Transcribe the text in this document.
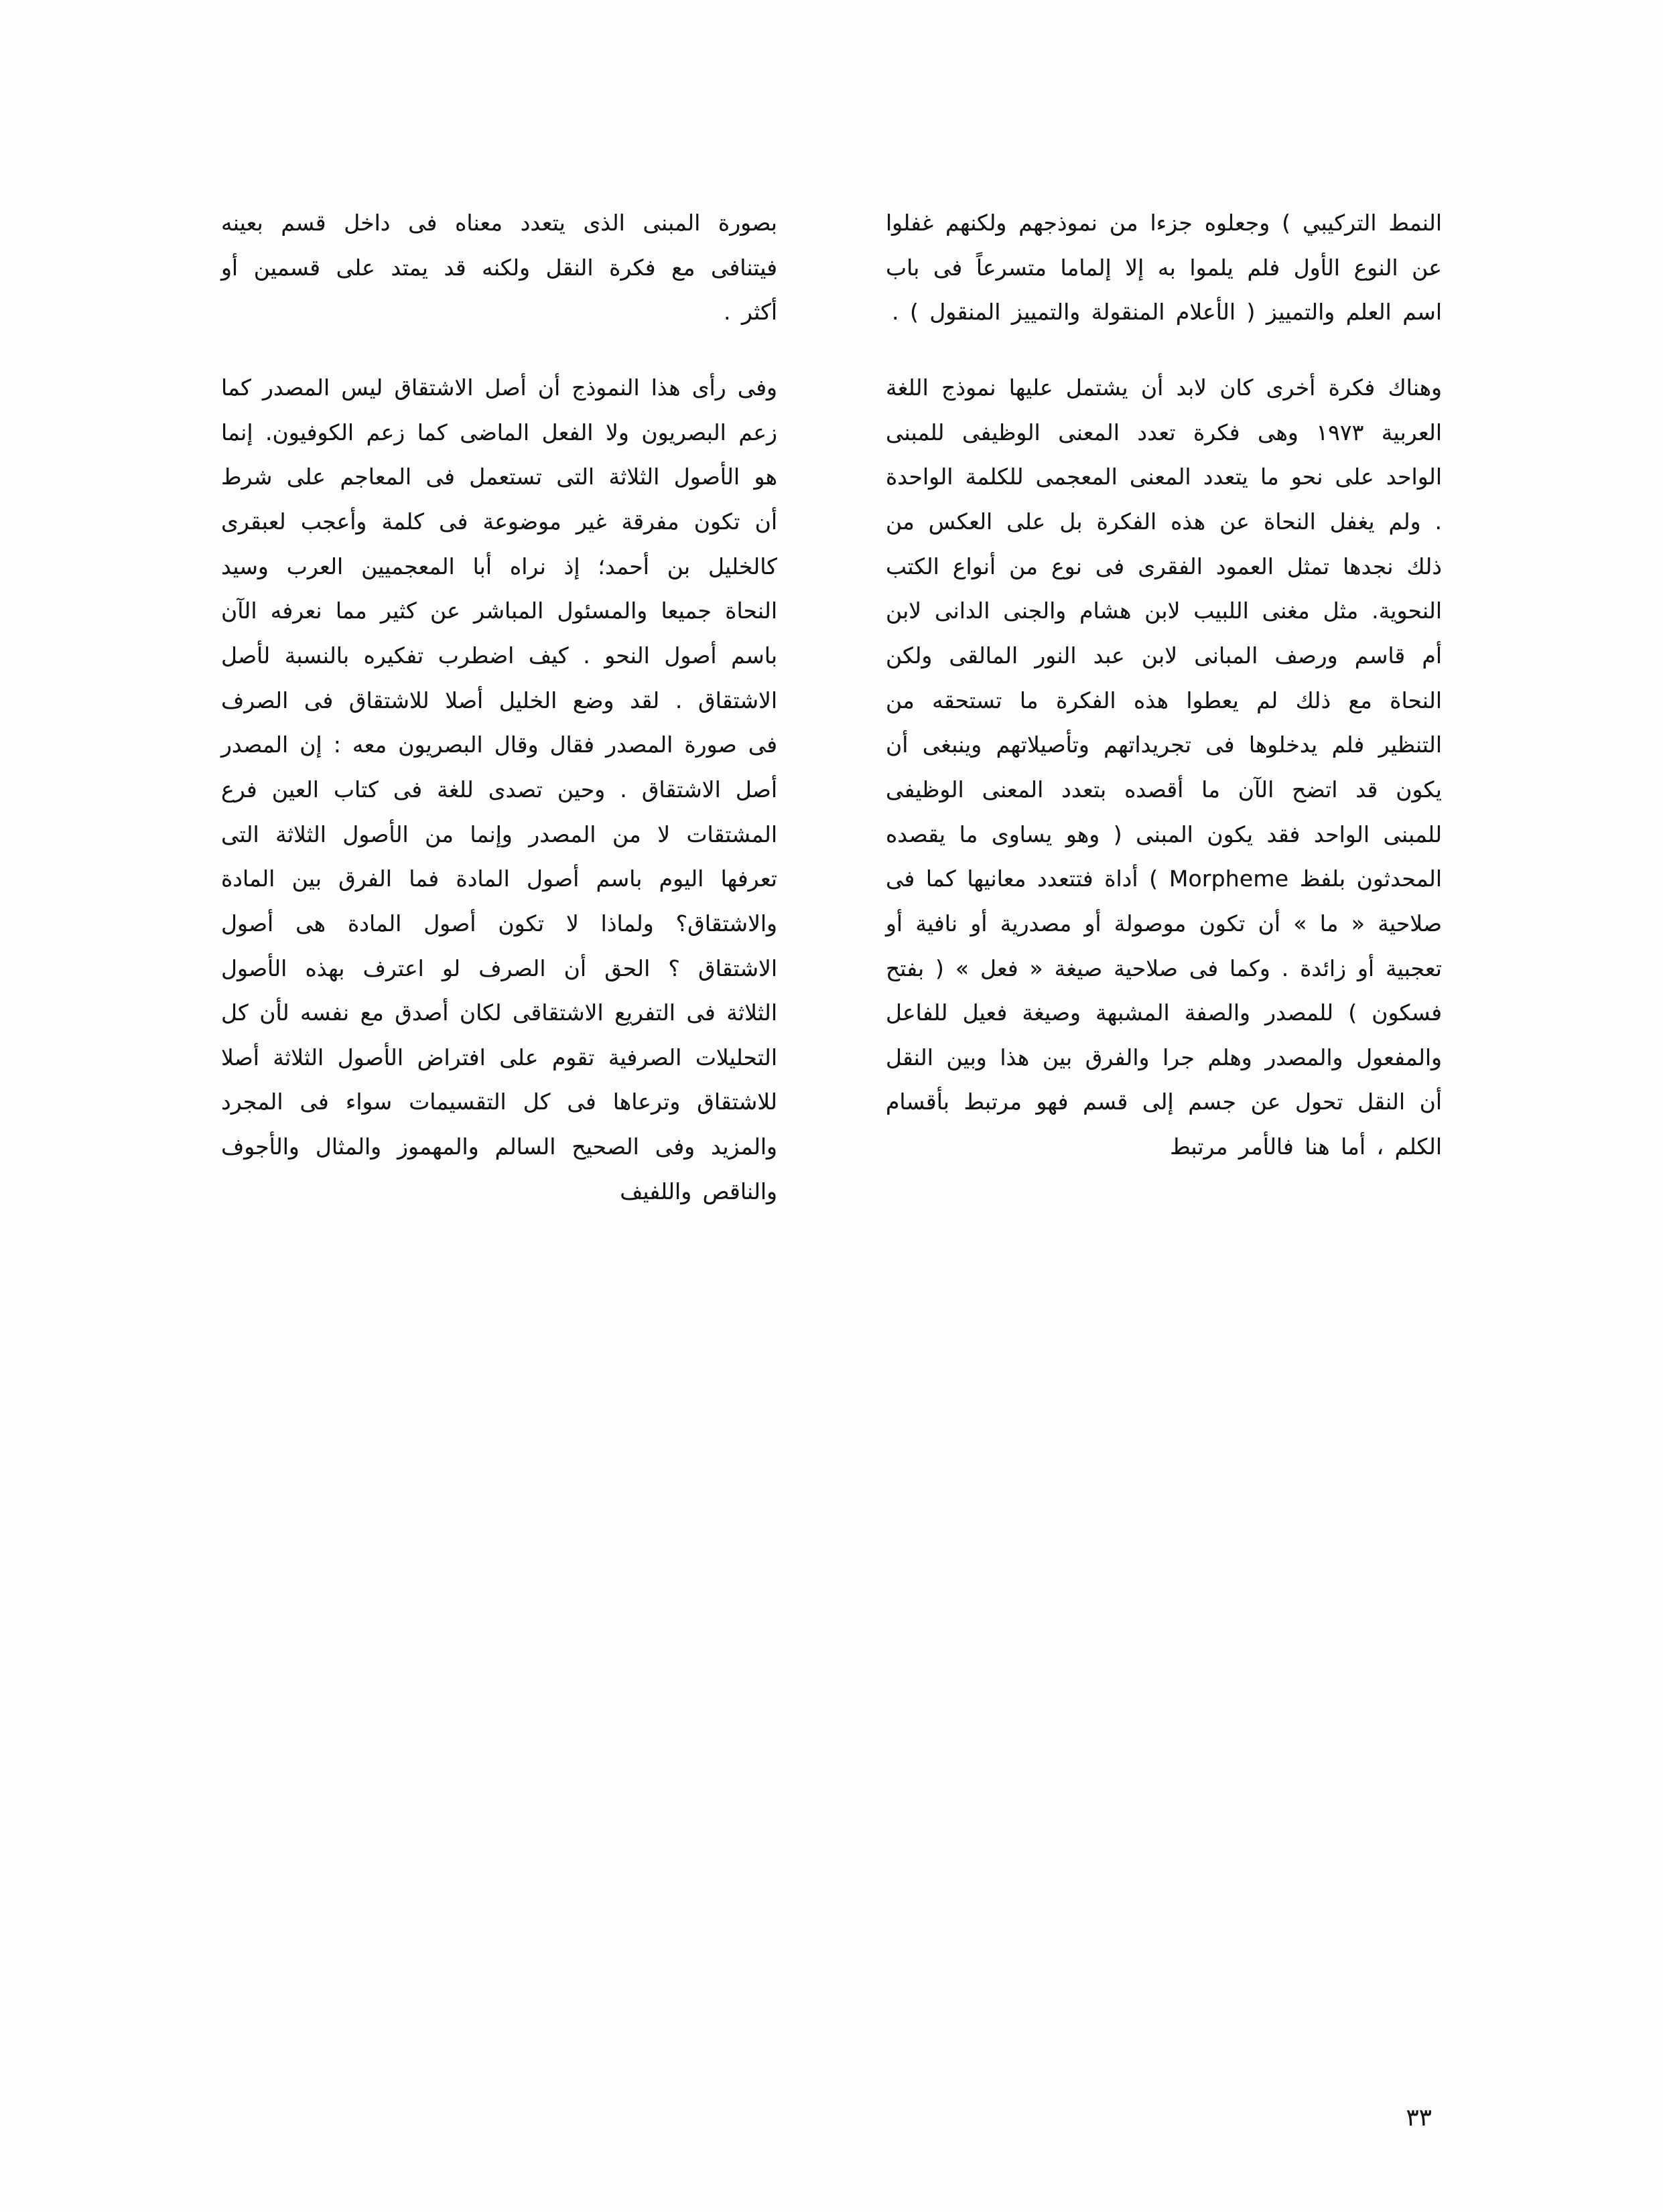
النمط التركيبي ) وجعلوه جزءا من نموذجهم ولكنهم غفلوا عن النوع الأول فلم يلموا به إلا إلماما متسرعاً فى باب اسم العلم والتمييز ( الأعلام المنقولة والتمييز المنقول ) .

وهناك فكرة أخرى كان لابد أن يشتمل عليها نموذج اللغة العربية ١٩٧٣ وهى فكرة تعدد المعنى الوظيفى للمبنى الواحد على نحو ما يتعدد المعنى المعجمى للكلمة الواحدة . ولم يغفل النحاة عن هذه الفكرة بل على العكس من ذلك نجدها تمثل العمود الفقرى فى نوع من أنواع الكتب النحوية. مثل مغنى اللبيب لابن هشام والجنى الدانى لابن أم قاسم ورصف المبانى لابن عبد النور المالقى ولكن النحاة مع ذلك لم يعطوا هذه الفكرة ما تستحقه من التنظير فلم يدخلوها فى تجريداتهم وتأصيلاتهم وينبغى أن يكون قد اتضح الآن ما أقصده بتعدد المعنى الوظيفى للمبنى الواحد فقد يكون المبنى ( وهو يساوى ما يقصده المحدثون بلفظ Morpheme ) أداة فتتعدد معانيها كما فى صلاحية « ما » أن تكون موصولة أو مصدرية أو نافية أو تعجبية أو زائدة . وكما فى صلاحية صيغة « فعل » ( بفتح فسكون ) للمصدر والصفة المشبهة وصيغة فعيل للفاعل والمفعول والمصدر وهلم جرا والفرق بين هذا وبين النقل أن النقل تحول عن جسم إلى قسم فهو مرتبط بأقسام الكلم ، أما هنا فالأمر مرتبط

بصورة المبنى الذى يتعدد معناه فى داخل قسم بعينه فيتنافى مع فكرة النقل ولكنه قد يمتد على قسمين أو أكثر .

وفى رأى هذا النموذج أن أصل الاشتقاق ليس المصدر كما زعم البصريون ولا الفعل الماضى كما زعم الكوفيون. إنما هو الأصول الثلاثة التى تستعمل فى المعاجم على شرط أن تكون مفرقة غير موضوعة فى كلمة وأعجب لعبقرى كالخليل بن أحمد؛ إذ نراه أبا المعجميين العرب وسيد النحاة جميعا والمسئول المباشر عن كثير مما نعرفه الآن باسم أصول النحو . كيف اضطرب تفكيره بالنسبة لأصل الاشتقاق . لقد وضع الخليل أصلا للاشتقاق فى الصرف فى صورة المصدر فقال وقال البصريون معه : إن المصدر أصل الاشتقاق . وحين تصدى للغة فى كتاب العين فرع المشتقات لا من المصدر وإنما من الأصول الثلاثة التى تعرفها اليوم باسم أصول المادة فما الفرق بين المادة والاشتقاق؟ ولماذا لا تكون أصول المادة هى أصول الاشتقاق ؟ الحق أن الصرف لو اعترف بهذه الأصول الثلاثة فى التفريع الاشتقاقى لكان أصدق مع نفسه لأن كل التحليلات الصرفية تقوم على افتراض الأصول الثلاثة أصلا للاشتقاق وترعاها فى كل التقسيمات سواء فى المجرد والمزيد وفى الصحيح السالم والمهموز والمثال والأجوف والناقص واللفيف

٣٣
